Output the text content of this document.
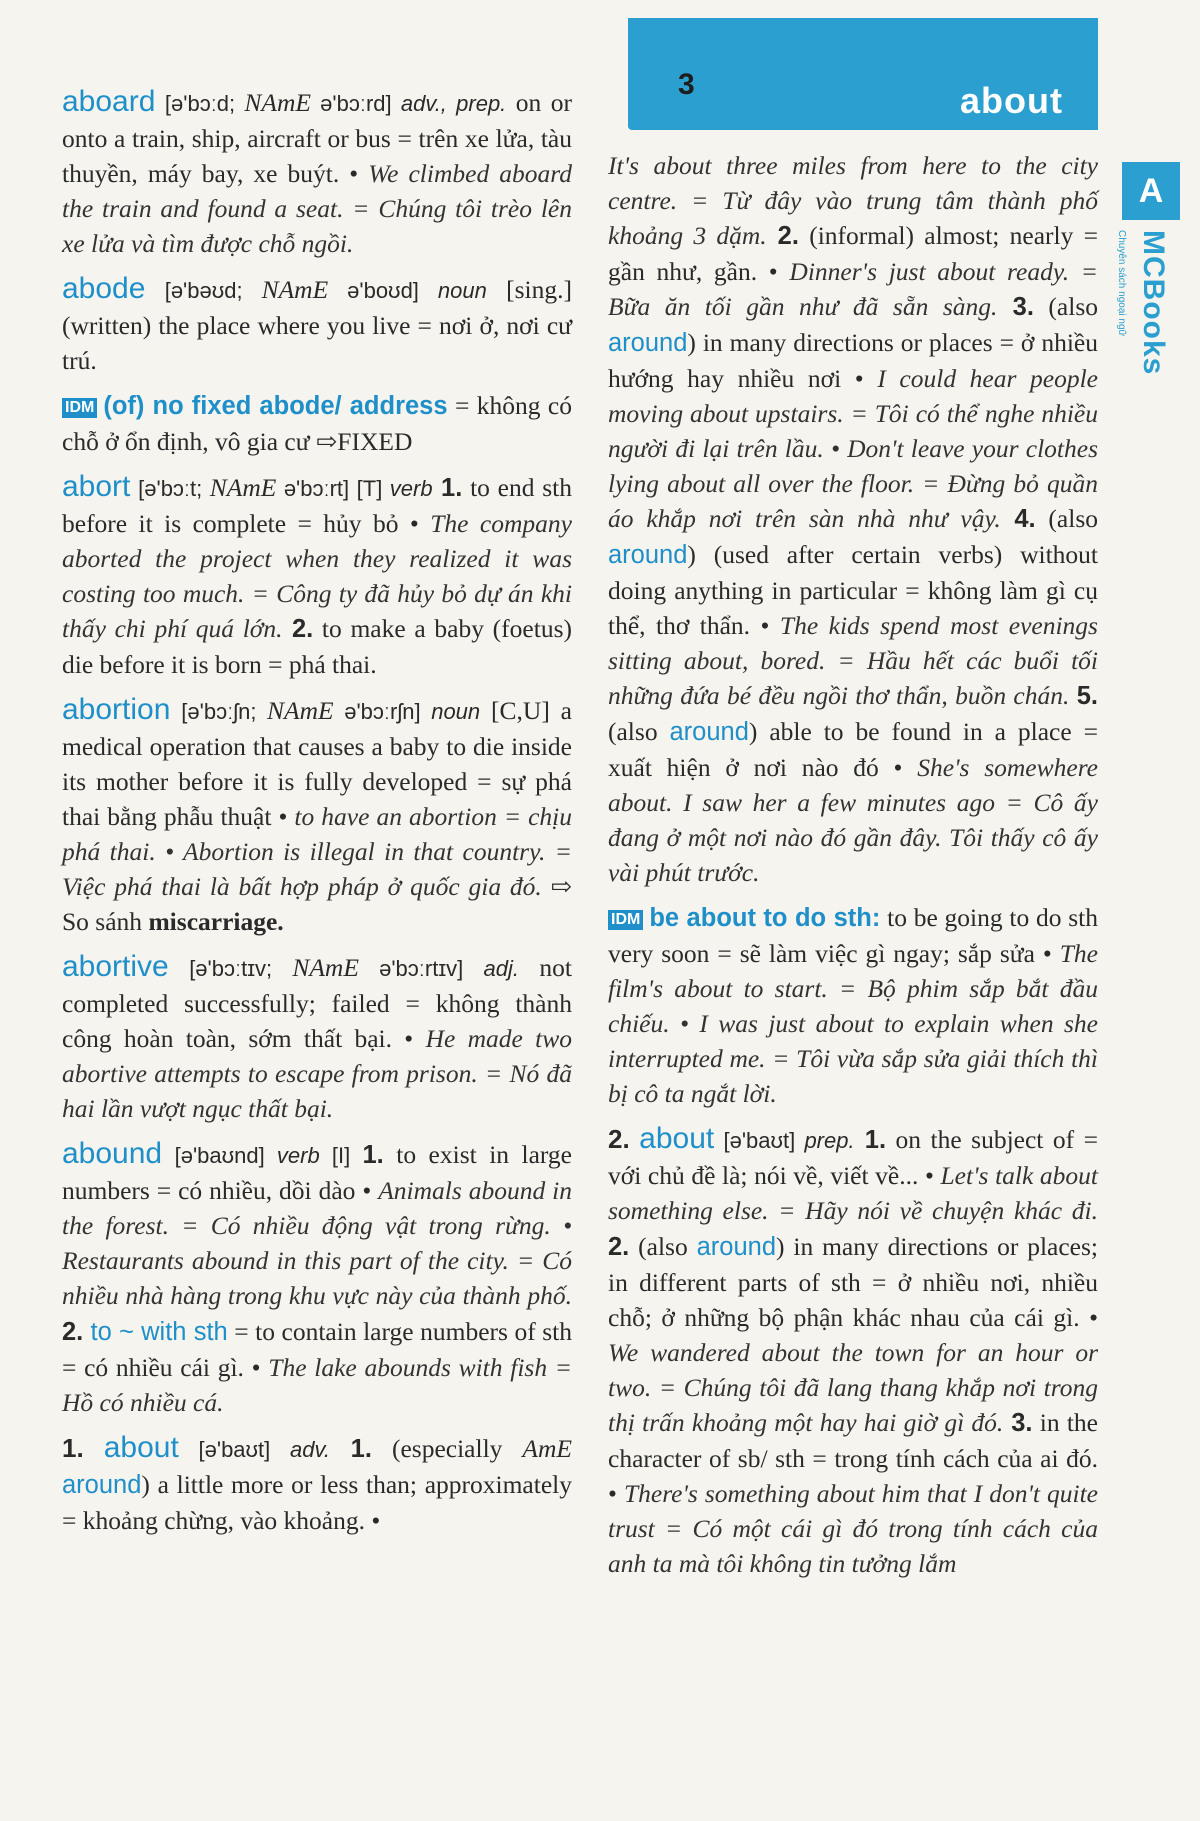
3	about
A
MCBooks
Chuyên sách ngoại ngữ

aboard [ə'bɔːd; NAmE ə'bɔːrd] adv., prep. on or onto a train, ship, aircraft or bus = trên xe lửa, tàu thuyền, máy bay, xe buýt. • We climbed aboard the train and found a seat. = Chúng tôi trèo lên xe lửa và tìm được chỗ ngồi.

abode [ə'bəʊd; NAmE ə'boʊd] noun [sing.] (written) the place where you live = nơi ở, nơi cư trú.

IDM (of) no fixed abode/ address = không có chỗ ở ổn định, vô gia cư ⇨FIXED

abort [ə'bɔːt; NAmE ə'bɔːrt] [T] verb 1. to end sth before it is complete = hủy bỏ • The company aborted the project when they realized it was costing too much. = Công ty đã hủy bỏ dự án khi thấy chi phí quá lớn. 2. to make a baby (foetus) die before it is born = phá thai.

abortion [ə'bɔːʃn; NAmE ə'bɔːrʃn] noun [C,U] a medical operation that causes a baby to die inside its mother before it is fully developed = sự phá thai bằng phẫu thuật • to have an abortion = chịu phá thai. • Abortion is illegal in that country. = Việc phá thai là bất hợp pháp ở quốc gia đó. ⇨ So sánh miscarriage.

abortive [ə'bɔːtɪv; NAmE ə'bɔːrtɪv] adj. not completed successfully; failed = không thành công hoàn toàn, sớm thất bại. • He made two abortive attempts to escape from prison. = Nó đã hai lần vượt ngục thất bại.

abound [ə'baʊnd] verb [I] 1. to exist in large numbers = có nhiều, dồi dào • Animals abound in the forest. = Có nhiều động vật trong rừng. • Restaurants abound in this part of the city. = Có nhiều nhà hàng trong khu vực này của thành phố. 2. to ~ with sth = to contain large numbers of sth = có nhiều cái gì. • The lake abounds with fish = Hồ có nhiều cá.

1. about [ə'baʊt] adv. 1. (especially AmE around) a little more or less than; approximately = khoảng chừng, vào khoảng. •

It's about three miles from here to the city centre. = Từ đây vào trung tâm thành phố khoảng 3 dặm. 2. (informal) almost; nearly = gần như, gần. • Dinner's just about ready. = Bữa ăn tối gần như đã sẵn sàng. 3. (also around) in many directions or places = ở nhiều hướng hay nhiều nơi • I could hear people moving about upstairs. = Tôi có thể nghe nhiều người đi lại trên lầu. • Don't leave your clothes lying about all over the floor. = Đừng bỏ quần áo khắp nơi trên sàn nhà như vậy. 4. (also around) (used after certain verbs) without doing anything in particular = không làm gì cụ thể, thơ thẩn. • The kids spend most evenings sitting about, bored. = Hầu hết các buổi tối những đứa bé đều ngồi thơ thẩn, buồn chán. 5. (also around) able to be found in a place = xuất hiện ở nơi nào đó • She's somewhere about. I saw her a few minutes ago = Cô ấy đang ở một nơi nào đó gần đây. Tôi thấy cô ấy vài phút trước.

IDM be about to do sth: to be going to do sth very soon = sẽ làm việc gì ngay; sắp sửa • The film's about to start. = Bộ phim sắp bắt đầu chiếu. • I was just about to explain when she interrupted me. = Tôi vừa sắp sửa giải thích thì bị cô ta ngắt lời.

2. about [ə'baʊt] prep. 1. on the subject of = với chủ đề là; nói về, viết về... • Let's talk about something else. = Hãy nói về chuyện khác đi. 2. (also around) in many directions or places; in different parts of sth = ở nhiều nơi, nhiều chỗ; ở những bộ phận khác nhau của cái gì. • We wandered about the town for an hour or two. = Chúng tôi đã lang thang khắp nơi trong thị trấn khoảng một hay hai giờ gì đó. 3. in the character of sb/ sth = trong tính cách của ai đó. • There's something about him that I don't quite trust = Có một cái gì đó trong tính cách của anh ta mà tôi không tin tưởng lắm
